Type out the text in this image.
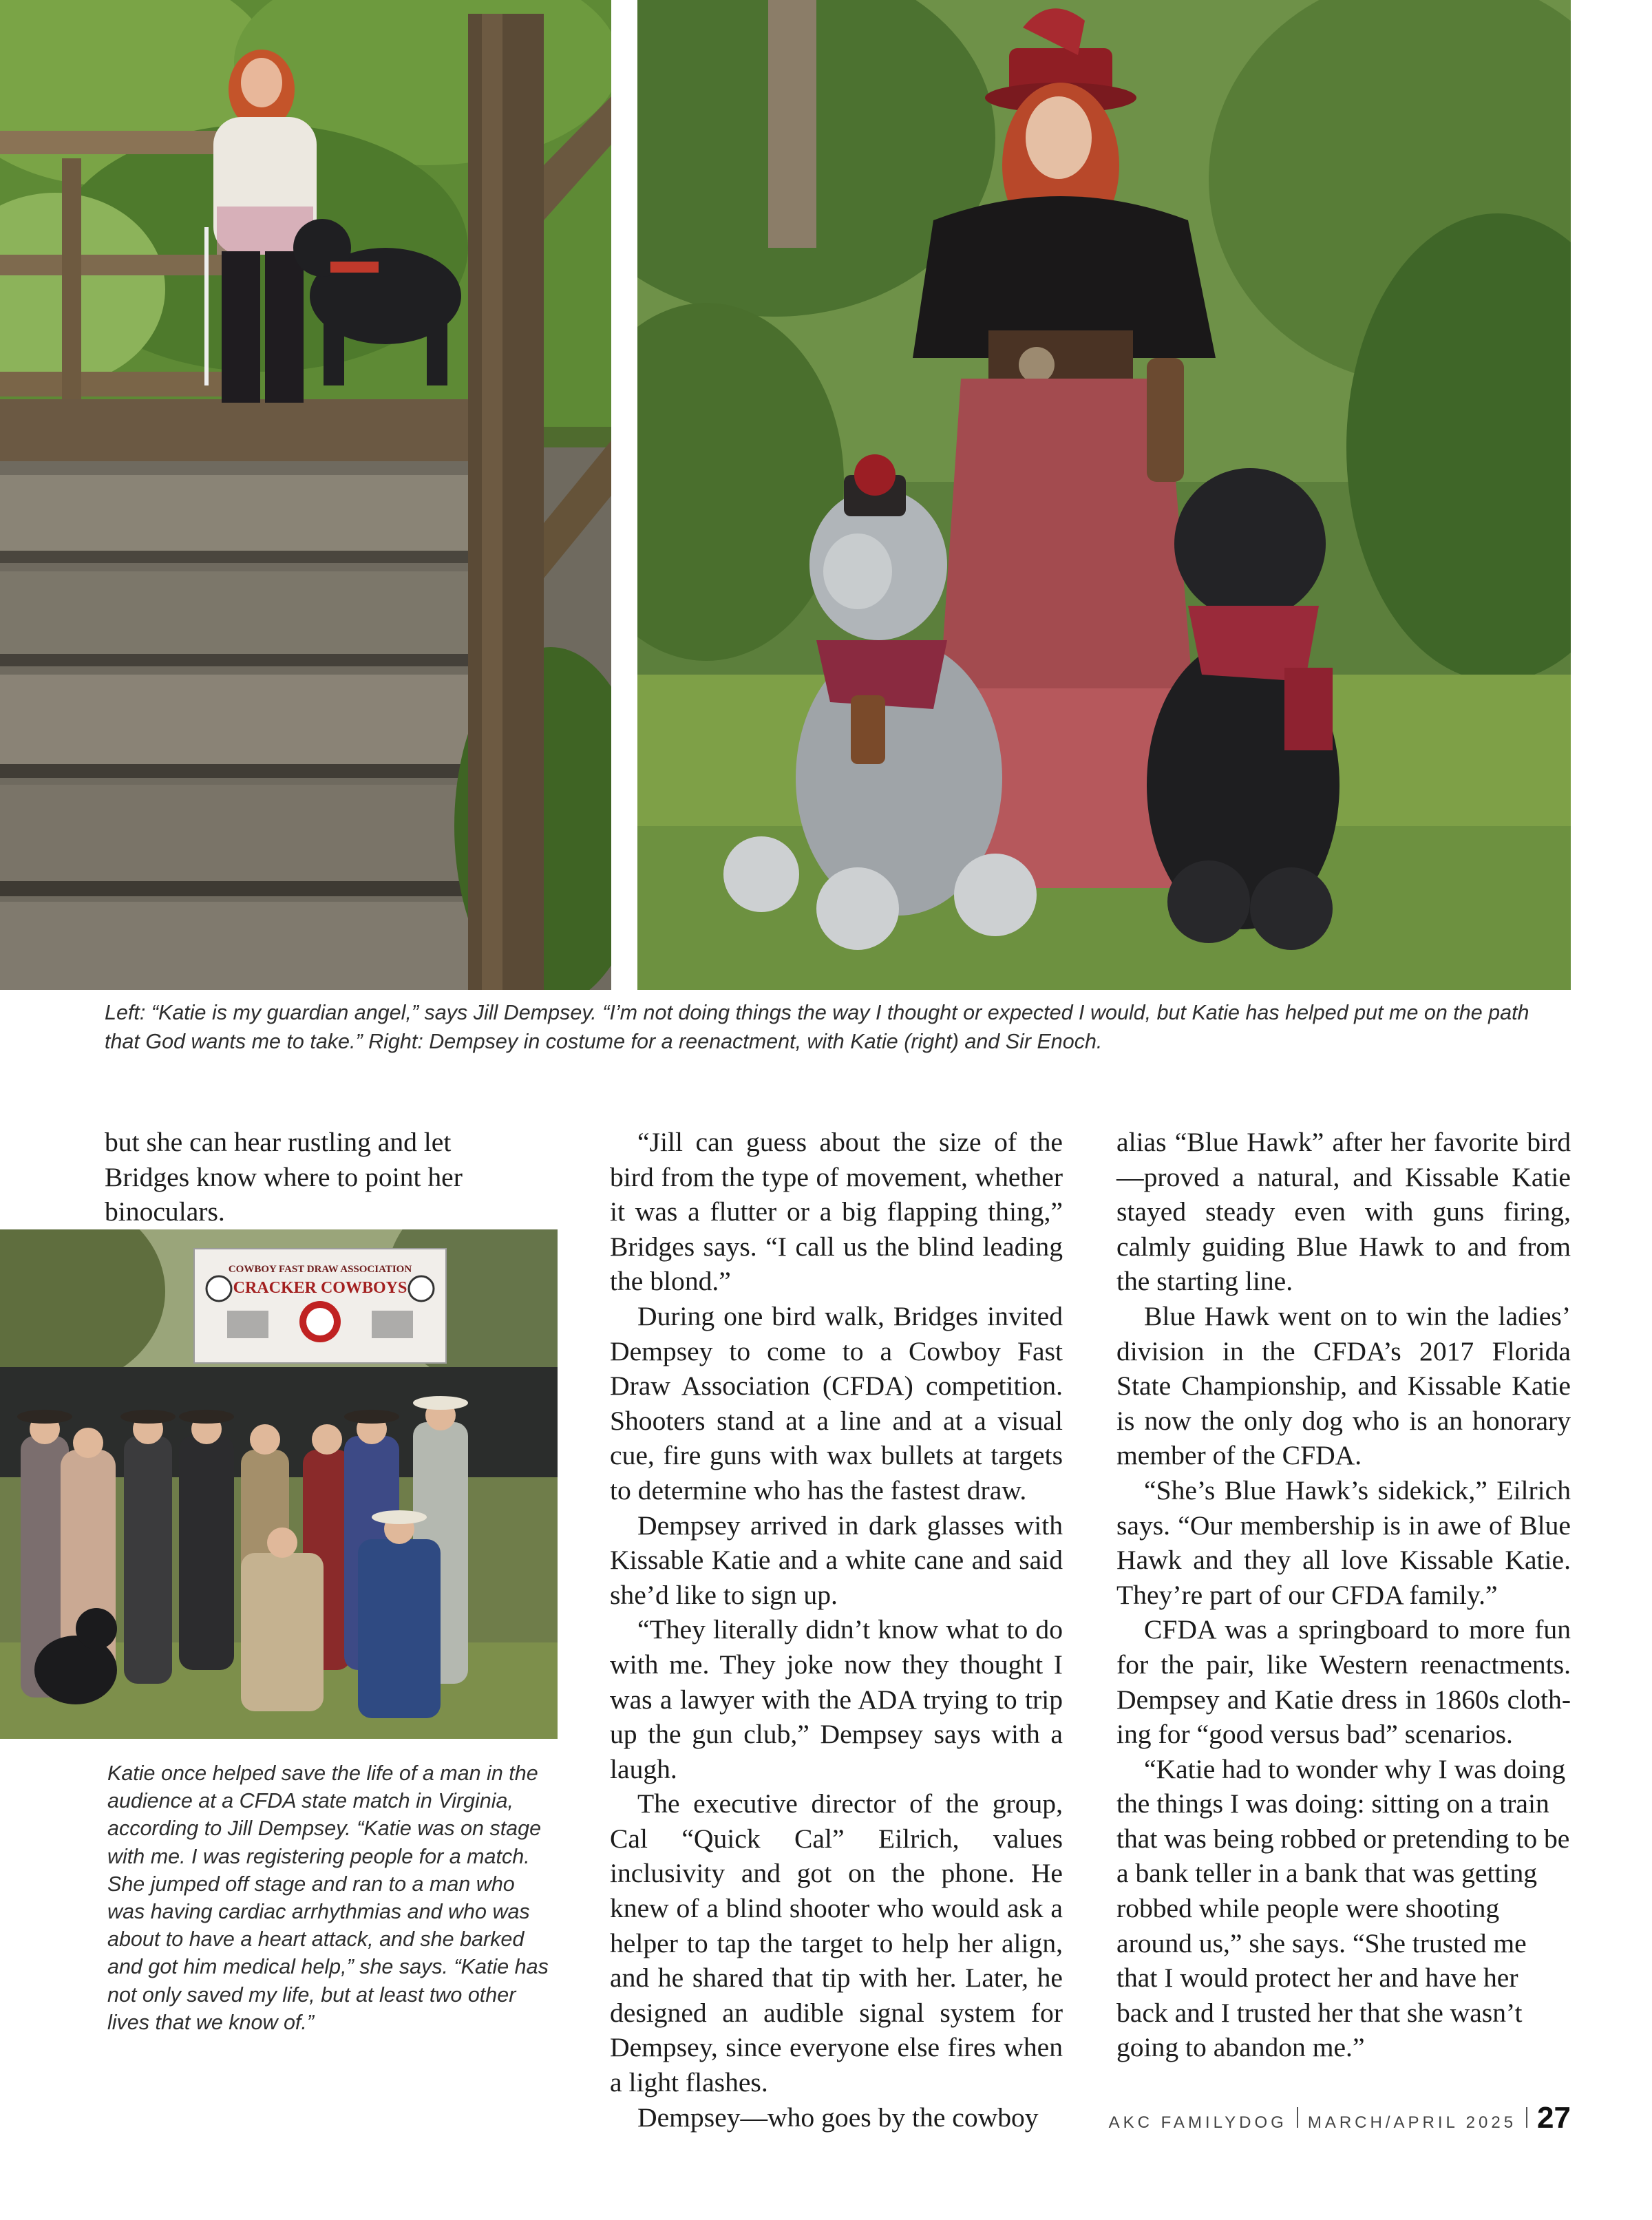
COWBOY FAST DRAW ASSOCIATION
CRACKER COWBOYS

Left: “Katie is my guardian angel,” says Jill Dempsey. “I’m not doing things the way I thought or expected I would, but Katie has helped put me on the path that God wants me to take.” Right: Dempsey in costume for a reenactment, with Katie (right) and Sir Enoch.

Katie once helped save the life of a man in the audience at a CFDA state match in Virginia, according to Jill Dempsey. “Katie was on stage with me. I was registering people for a match. She jumped off stage and ran to a man who was having cardiac arrhythmias and who was about to have a heart attack, and she barked and got him medical help,” she says. “Katie has not only saved my life, but at least two other lives that we know of.”

but she can hear rustling and let Bridges know where to point her binoculars.

“Jill can guess about the size of the bird from the type of movement, whether it was a flutter or a big flapping thing,” Bridges says. “I call us the blind leading the blond.”

During one bird walk, Bridges invited Dempsey to come to a Cowboy Fast Draw Association (CFDA) competition. Shooters stand at a line and at a visual cue, fire guns with wax bullets at targets to determine who has the fastest draw.

Dempsey arrived in dark glasses with Kissable Katie and a white cane and said she’d like to sign up.

“They literally didn’t know what to do with me. They joke now they thought I was a lawyer with the ADA trying to trip up the gun club,” Dempsey says with a laugh.

The executive director of the group, Cal “Quick Cal” Eilrich, values inclusivity and got on the phone. He knew of a blind shooter who would ask a helper to tap the target to help her align, and he shared that tip with her. Later, he designed an audible signal system for Dempsey, since everyone else fires when a light flashes.

Dempsey—who goes by the cowboy

alias “Blue Hawk” after her favorite bird—proved a natural, and Kissable Katie stayed steady even with guns firing, calmly guiding Blue Hawk to and from the starting line.

Blue Hawk went on to win the ladies’ division in the CFDA’s 2017 Florida State Championship, and Kissable Katie is now the only dog who is an honorary member of the CFDA.

“She’s Blue Hawk’s sidekick,” Eilrich says. “Our membership is in awe of Blue Hawk and they all love Kissable Katie. They’re part of our CFDA family.”

CFDA was a springboard to more fun for the pair, like Western reenactments. Dempsey and Katie dress in 1860s cloth-ing for “good versus bad” scenarios.

“Katie had to wonder why I was doing the things I was doing: sitting on a train that was being robbed or pretending to be a bank teller in a bank that was getting robbed while people were shooting around us,” she says. “She trusted me that I would protect her and have her back and I trusted her that she wasn’t going to abandon me.”

AKC FAMILYDOG MARCH/APRIL 2025 27
